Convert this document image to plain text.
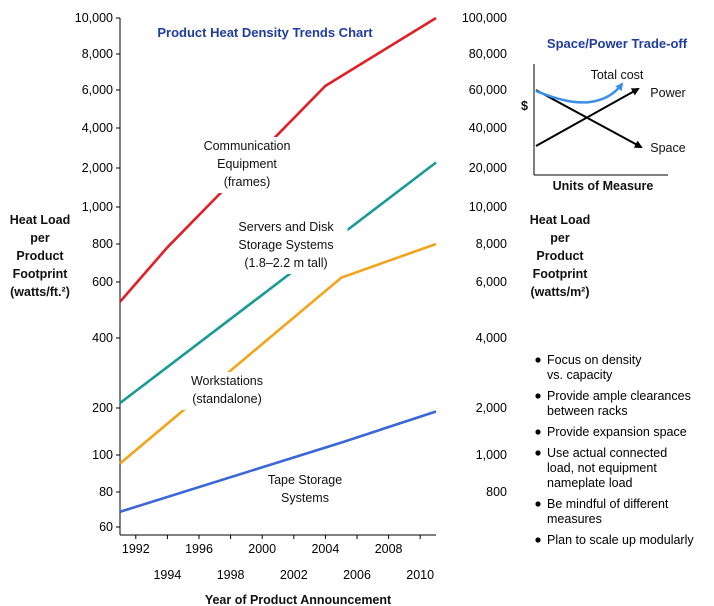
Product Heat Density Trends Chart
60
80
100
200
400
600
800
1,000
2,000
4,000
6,000
8,000
10,000
800
1,000
2,000
4,000
6,000
8,000
10,000
20,000
40,000
60,000
80,000
100,000
1992	1996	2000	2004	2008
1994	1998	2002	2006	2010
Communication
Equipment
(frames)
Servers and Disk
Storage Systems
(1.8–2.2 m tall)
Workstations
(standalone)
Tape Storage
Systems
Heat Load
per
Product
Footprint
(watts/ft.²)
Heat Load
per
Product
Footprint
(watts/m²)
Year of Product Announcement
Space/Power Trade-off
$
Units of Measure
Total cost
Power
Space
Focus on density
vs. capacity
Provide ample clearances
between racks
Provide expansion space
Use actual connected
load, not equipment
nameplate load
Be mindful of different
measures
Plan to scale up modularly
